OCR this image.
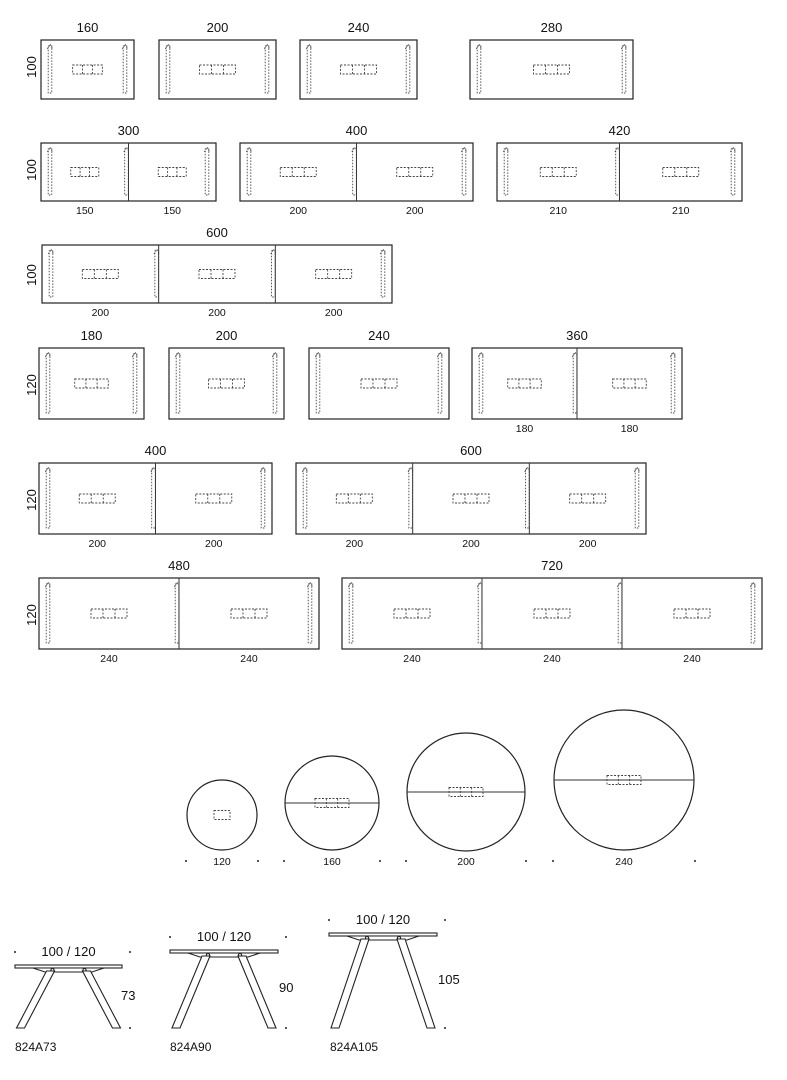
160
100
200	240	280
300
100
150	150
400
200	200
420
210	210
600
100
200	200	200
180
120
200	240	360
180	180
400
120
200	200
600
200	200	200
480
120
240	240
720
240	240	240
120	160	200	240
100 / 120
73
824A73
100 / 120
90
824A90
100 / 120
105
824A105
